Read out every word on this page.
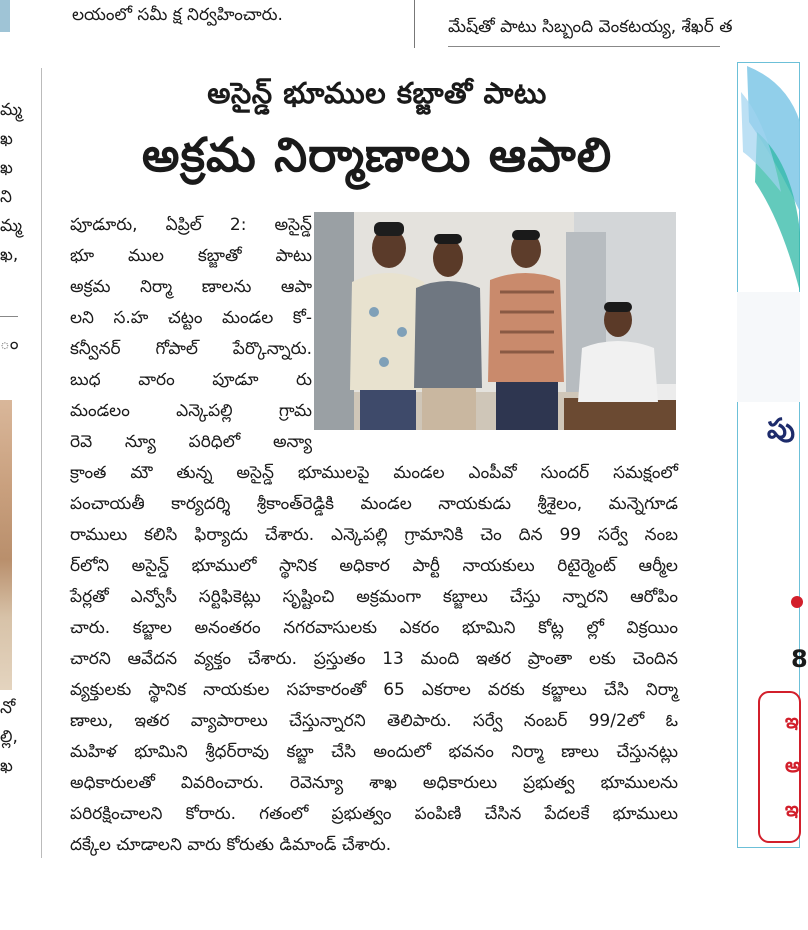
లయంలో సమీ క్ష నిర్వహించారు.
మేష్‌తో పాటు సిబ్బంది వెంకటయ్య, శేఖర్ త
మ్మ
ఖ
ఖ
ని
మ్మ
ఖ,
ం
నో
ల్లి,
ఖ
అసైన్డ్ భూముల కబ్జాతో పాటు
అక్రమ నిర్మాణాలు ఆపాలి
పూడూరు, ఏప్రిల్ 2: అసైన్డ్
భూ ముల కబ్జాతో పాటు
అక్రమ నిర్మా ణాలను ఆపా
లని స.హ చట్టం మండల కో-
కన్వీనర్ గోపాల్ పేర్కొన్నారు.
బుధ వారం పూడూ రు
మండలం ఎన్కెపల్లి గ్రామ
రెవె న్యూ పరిధిలో అన్యా
క్రాంత మౌ తున్న అసైన్డ్ భూములపై మండల ఎంపీవో సుందర్ సమక్షంలో
పంచాయతీ కార్యదర్శి శ్రీకాంత్‌రెడ్డికి మండల నాయకుడు శ్రీశైలం, మన్నెగూడ
రాములు కలిసి ఫిర్యాదు చేశారు. ఎన్కెపల్లి గ్రామానికి చెం దిన 99 సర్వే నంబ
ర్‌లోని అసైన్డ్ భూములో స్థానిక అధికార పార్టీ నాయకులు రిటైర్మెంట్ ఆర్మీల
పేర్లతో ఎన్వోసీ సర్టిఫికెట్లు సృష్టించి అక్రమంగా కబ్జాలు చేస్తు న్నారని ఆరోపిం
చారు. కబ్జాల అనంతరం నగరవాసులకు ఎకరం భూమిని కోట్ల ల్లో విక్రయిం
చారని ఆవేదన వ్యక్తం చేశారు. ప్రస్తుతం 13 మంది ఇతర ప్రాంతా లకు చెందిన
వ్యక్తులకు స్థానిక నాయకుల సహకారంతో 65 ఎకరాల వరకు కబ్జాలు చేసి నిర్మా
ణాలు, ఇతర వ్యాపారాలు చేస్తున్నారని తెలిపారు. సర్వే నంబర్ 99/2లో ఓ
మహిళ భూమిని శ్రీధర్‌రావు కబ్జా చేసి అందులో భవనం నిర్మా ణాలు చేస్తునట్లు
అధికారులతో వివరించారు. రెవెన్యూ శాఖ అధికారులు ప్రభుత్వ భూములను
పరిరక్షించాలని కోరారు. గతంలో ప్రభుత్వం పంపిణి చేసిన పేదలకే భూములు
దక్కేల చూడాలని వారు కోరుతు డిమాండ్ చేశారు.
పు
8
ఇ
అ
ఇ
